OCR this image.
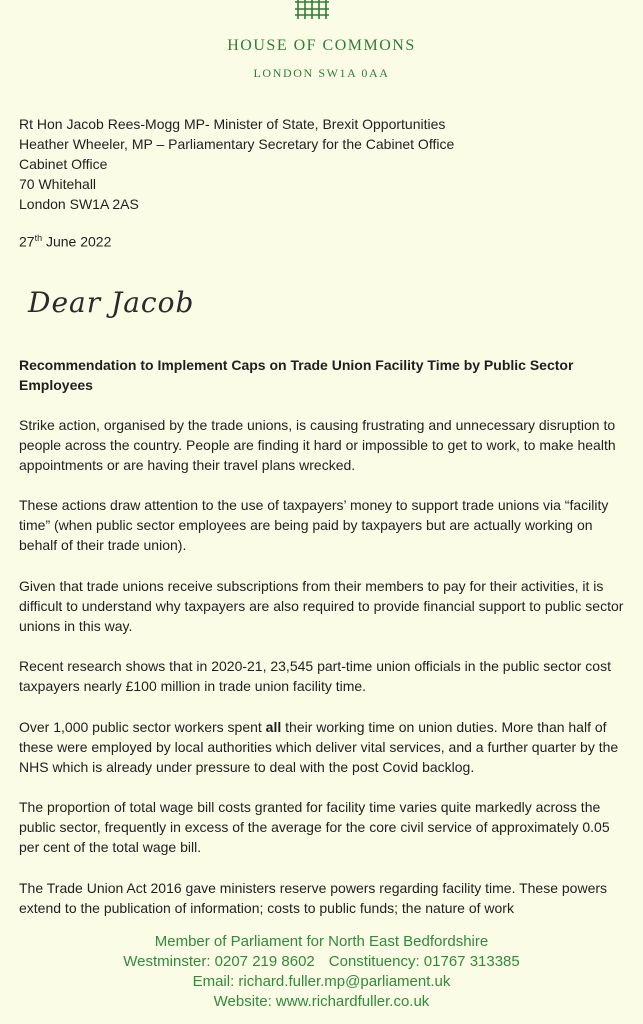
HOUSE OF COMMONS
LONDON SW1A 0AA
Rt Hon Jacob Rees-Mogg MP- Minister of State, Brexit Opportunities
Heather Wheeler, MP – Parliamentary Secretary for the Cabinet Office
Cabinet Office
70 Whitehall
London SW1A 2AS
27th June 2022
Dear Jacob
Recommendation to Implement Caps on Trade Union Facility Time by Public Sector Employees
Strike action, organised by the trade unions, is causing frustrating and unnecessary disruption to people across the country. People are finding it hard or impossible to get to work, to make health appointments or are having their travel plans wrecked.
These actions draw attention to the use of taxpayers’ money to support trade unions via “facility time” (when public sector employees are being paid by taxpayers but are actually working on behalf of their trade union).
Given that trade unions receive subscriptions from their members to pay for their activities, it is difficult to understand why taxpayers are also required to provide financial support to public sector unions in this way.
Recent research shows that in 2020-21, 23,545 part-time union officials in the public sector cost taxpayers nearly £100 million in trade union facility time.
Over 1,000 public sector workers spent all their working time on union duties. More than half of these were employed by local authorities which deliver vital services, and a further quarter by the NHS which is already under pressure to deal with the post Covid backlog.
The proportion of total wage bill costs granted for facility time varies quite markedly across the public sector, frequently in excess of the average for the core civil service of approximately 0.05 per cent of the total wage bill.
The Trade Union Act 2016 gave ministers reserve powers regarding facility time. These powers extend to the publication of information; costs to public funds; the nature of work
Member of Parliament for North East Bedfordshire
Westminster: 0207 219 8602 Constituency: 01767 313385
Email: richard.fuller.mp@parliament.uk
Website: www.richardfuller.co.uk
